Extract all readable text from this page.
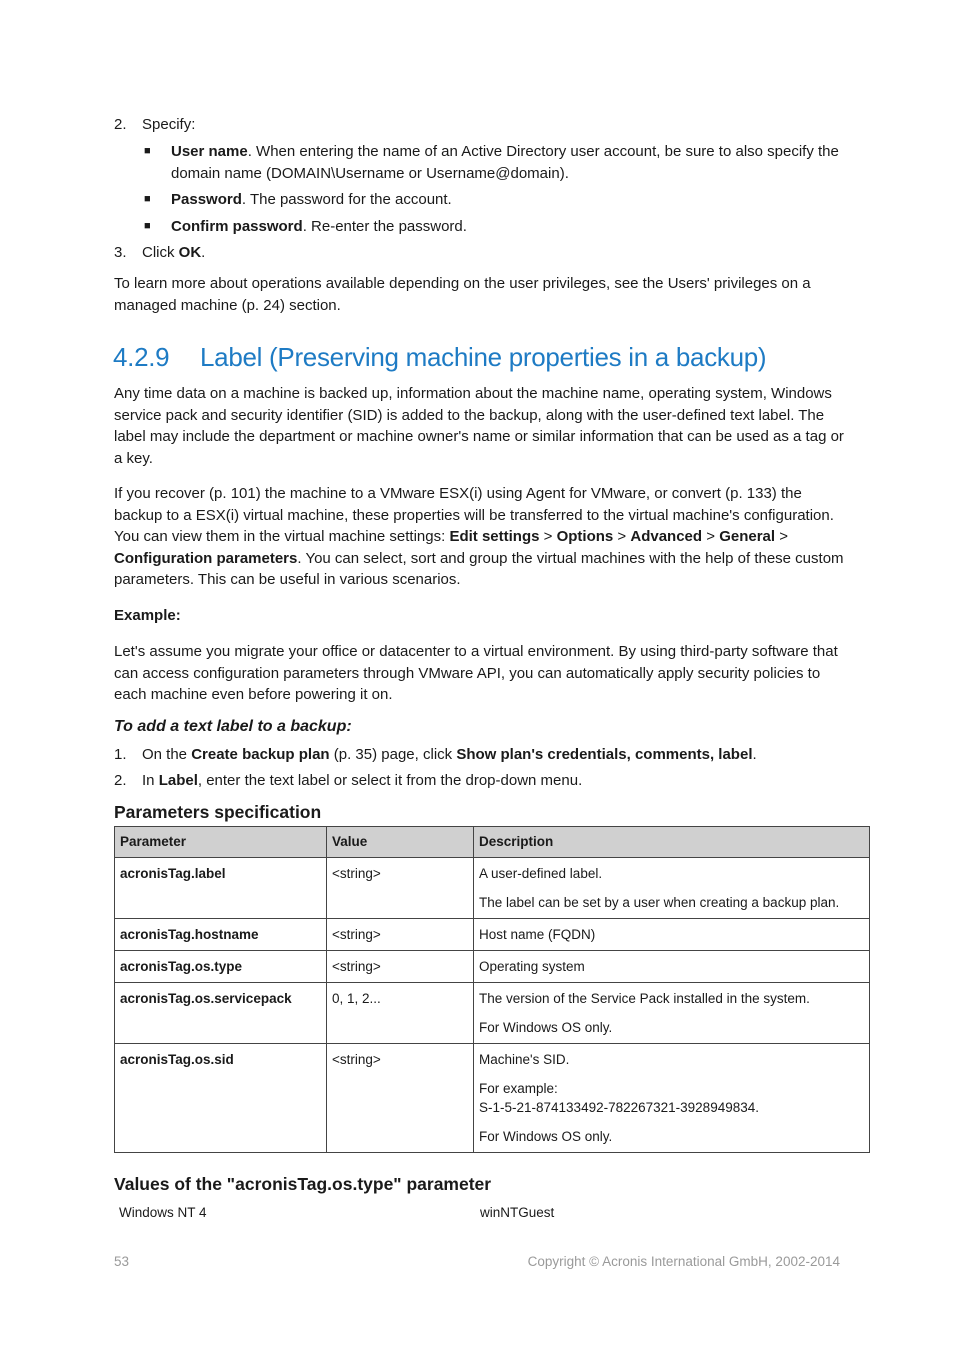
2. Specify:
■ User name. When entering the name of an Active Directory user account, be sure to also specify the domain name (DOMAIN\Username or Username@domain).

■ Password. The password for the account.

■ Confirm password. Re-enter the password.

3. Click OK.

To learn more about operations available depending on the user privileges, see the Users' privileges on a managed machine (p. 24) section.

4.2.9 Label (Preserving machine properties in a backup)

Any time data on a machine is backed up, information about the machine name, operating system, Windows service pack and security identifier (SID) is added to the backup, along with the user-defined text label. The label may include the department or machine owner's name or similar information that can be used as a tag or a key.

If you recover (p. 101) the machine to a VMware ESX(i) using Agent for VMware, or convert (p. 133) the backup to a ESX(i) virtual machine, these properties will be transferred to the virtual machine's configuration. You can view them in the virtual machine settings: Edit settings > Options > Advanced > General > Configuration parameters. You can select, sort and group the virtual machines with the help of these custom parameters. This can be useful in various scenarios.

Example:

Let's assume you migrate your office or datacenter to a virtual environment. By using third-party software that can access configuration parameters through VMware API, you can automatically apply security policies to each machine even before powering it on.

To add a text label to a backup:

1. On the Create backup plan (p. 35) page, click Show plan's credentials, comments, label.

2. In Label, enter the text label or select it from the drop-down menu.

Parameters specification

Parameter	Value	Description
acronisTag.label	<string>	A user-defined label.

The label can be set by a user when creating a backup plan.

acronisTag.hostname	<string>	Host name (FQDN)

acronisTag.os.type	<string>	Operating system

acronisTag.os.servicepack	0, 1, 2...	The version of the Service Pack installed in the system.

For Windows OS only.

acronisTag.os.sid	<string>	Machine's SID.

For example:
S-1-5-21-874133492-782267321-3928949834.

For Windows OS only.

Values of the "acronisTag.os.type" parameter

Windows NT 4	winNTGuest
53	Copyright © Acronis International GmbH, 2002-2014
